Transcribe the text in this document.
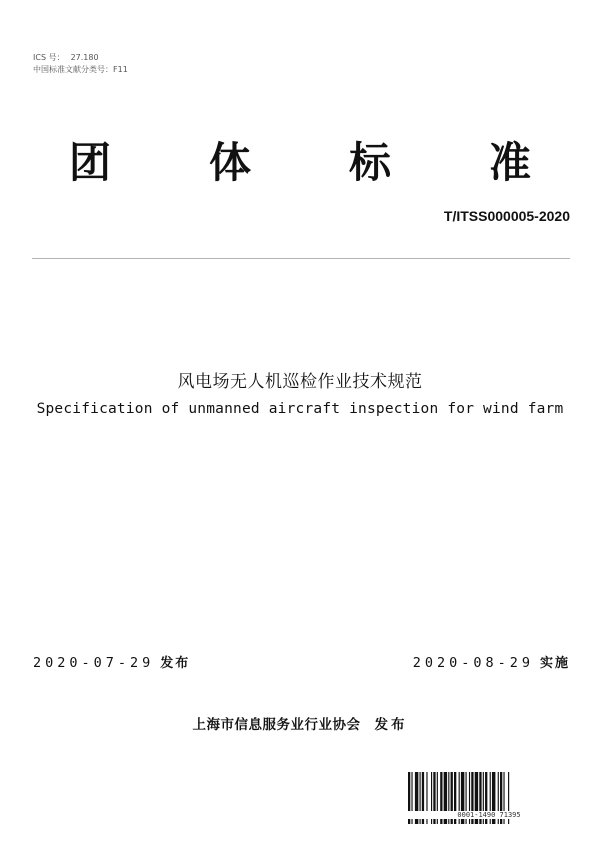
ICS 号： 27.180
中国标准文献分类号：F11
团 体 标 准
T/ITSS000005-2020
风电场无人机巡检作业技术规范
Specification of unmanned aircraft inspection for wind farm
2020-07-29 发布	2020-08-29 实施
上海市信息服务业行业协会 发布
0001-1490 71395
